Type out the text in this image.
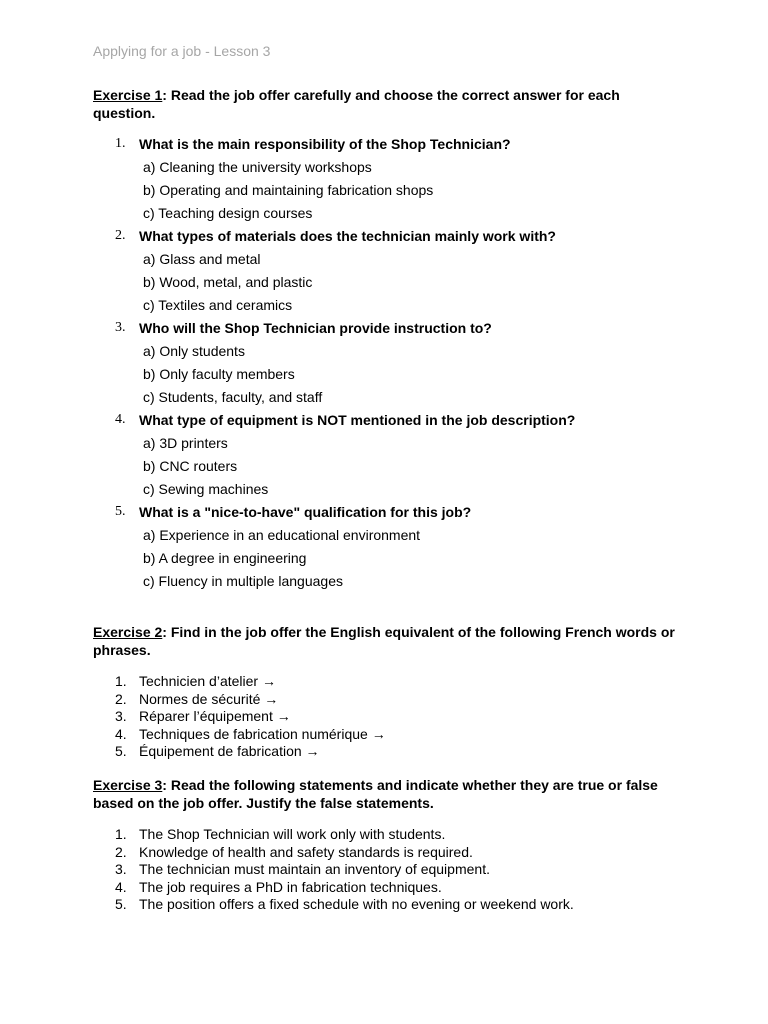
Applying for a job - Lesson 3
Exercise 1: Read the job offer carefully and choose the correct answer for each question.
1. What is the main responsibility of the Shop Technician?
a) Cleaning the university workshops
b) Operating and maintaining fabrication shops
c) Teaching design courses
2. What types of materials does the technician mainly work with?
a) Glass and metal
b) Wood, metal, and plastic
c) Textiles and ceramics
3. Who will the Shop Technician provide instruction to?
a) Only students
b) Only faculty members
c) Students, faculty, and staff
4. What type of equipment is NOT mentioned in the job description?
a) 3D printers
b) CNC routers
c) Sewing machines
5. What is a "nice-to-have" qualification for this job?
a) Experience in an educational environment
b) A degree in engineering
c) Fluency in multiple languages
Exercise 2: Find in the job offer the English equivalent of the following French words or phrases.
1. Technicien d’atelier →
2. Normes de sécurité →
3. Réparer l’équipement →
4. Techniques de fabrication numérique →
5. Équipement de fabrication →
Exercise 3: Read the following statements and indicate whether they are true or false based on the job offer. Justify the false statements.
1. The Shop Technician will work only with students.
2. Knowledge of health and safety standards is required.
3. The technician must maintain an inventory of equipment.
4. The job requires a PhD in fabrication techniques.
5. The position offers a fixed schedule with no evening or weekend work.
